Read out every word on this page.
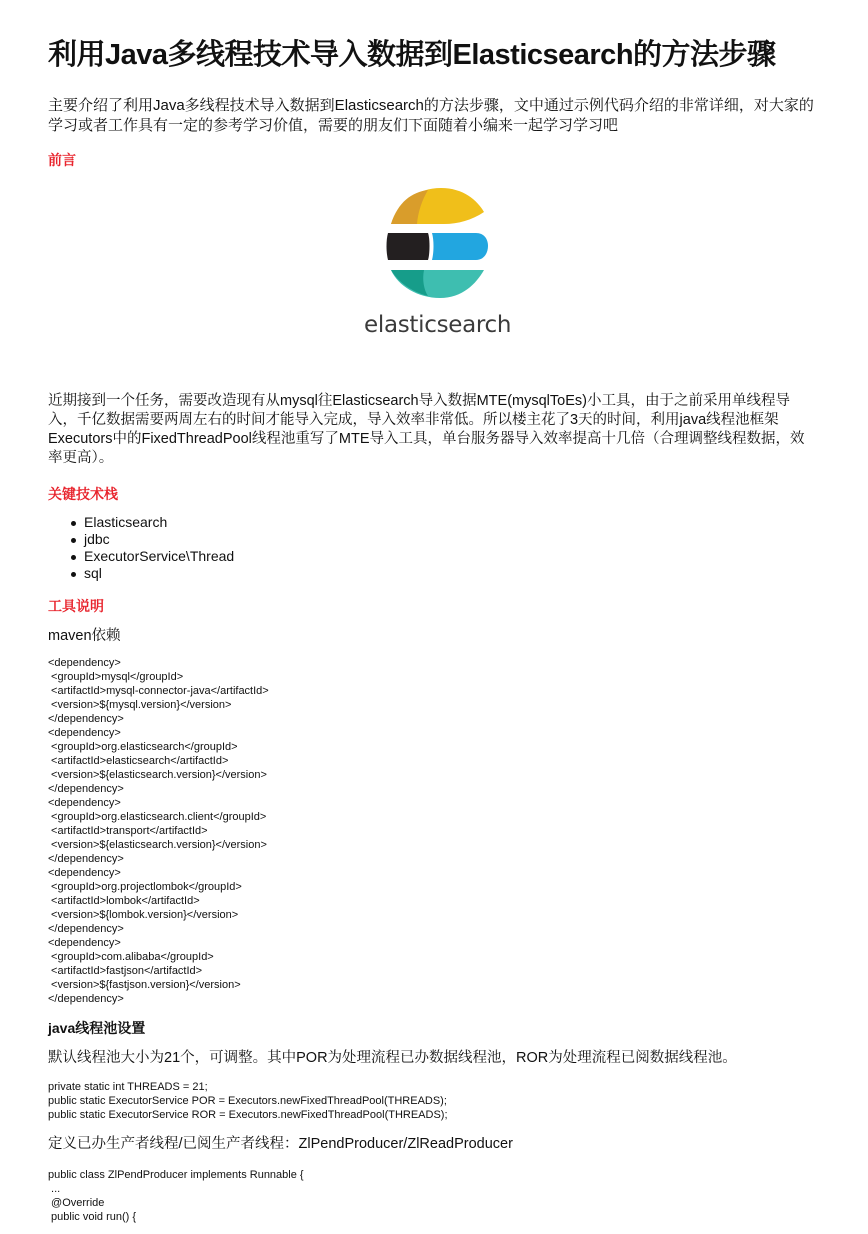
利用Java多线程技术导入数据到Elasticsearch的方法步骤

主要介绍了利用Java多线程技术导入数据到Elasticsearch的方法步骤，文中通过示例代码介绍的非常详细，对大家的学习或者工作具有一定的参考学习价值，需要的朋友们下面随着小编来一起学习学习吧

前言
elasticsearch

近期接到一个任务，需要改造现有从mysql往Elasticsearch导入数据MTE(mysqlToEs)小工具，由于之前采用单线程导入，千亿数据需要两周左右的时间才能导入完成，导入效率非常低。所以楼主花了3天的时间，利用java线程池框架Executors中的FixedThreadPool线程池重写了MTE导入工具，单台服务器导入效率提高十几倍（合理调整线程数据，效率更高）。

关键技术栈
Elasticsearch
jdbc
ExecutorService\Thread
sql
工具说明
maven依赖
<dependency>
<groupId>mysql</groupId>
<artifactId>mysql-connector-java</artifactId>
<version>${mysql.version}</version>
</dependency>
<dependency>
<groupId>org.elasticsearch</groupId>
<artifactId>elasticsearch</artifactId>
<version>${elasticsearch.version}</version>
</dependency>
<dependency>
<groupId>org.elasticsearch.client</groupId>
<artifactId>transport</artifactId>
<version>${elasticsearch.version}</version>
</dependency>
<dependency>
<groupId>org.projectlombok</groupId>
<artifactId>lombok</artifactId>
<version>${lombok.version}</version>
</dependency>
<dependency>
<groupId>com.alibaba</groupId>
<artifactId>fastjson</artifactId>
<version>${fastjson.version}</version>
</dependency>
java线程池设置
默认线程池大小为21个，可调整。其中POR为处理流程已办数据线程池，ROR为处理流程已阅数据线程池。
private static int THREADS = 21;
public static ExecutorService POR = Executors.newFixedThreadPool(THREADS);
public static ExecutorService ROR = Executors.newFixedThreadPool(THREADS);
定义已办生产者线程/已阅生产者线程：ZlPendProducer/ZlReadProducer
public class ZlPendProducer implements Runnable {
...
@Override
public void run() {
